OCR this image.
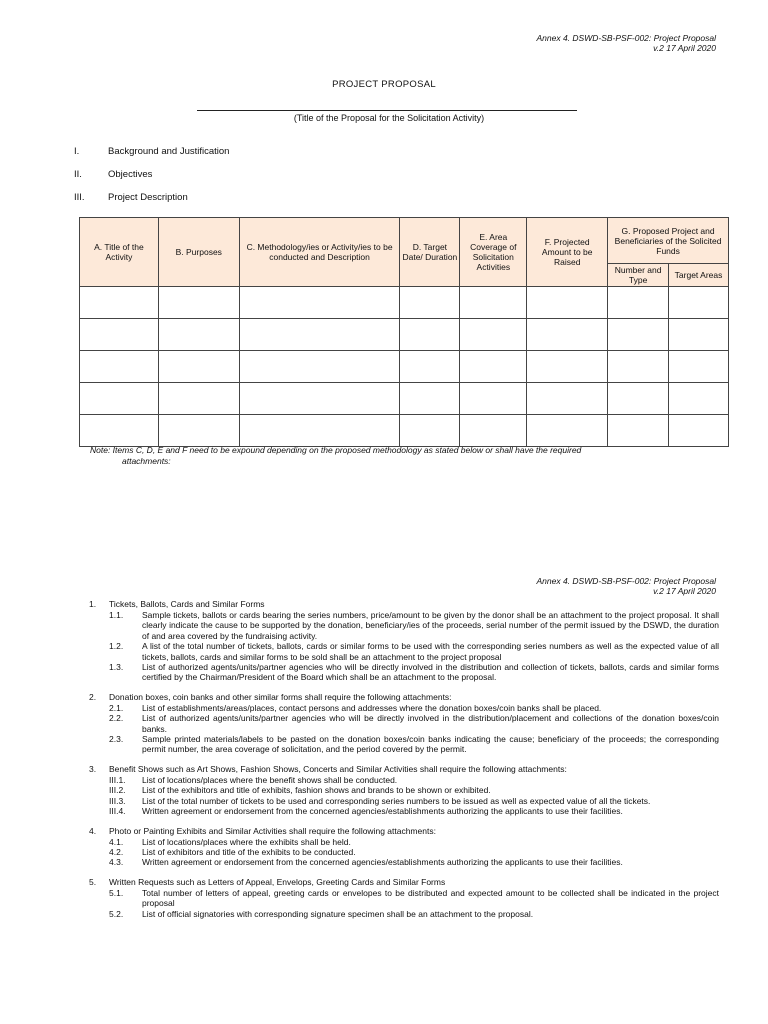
Annex 4. DSWD-SB-PSF-002: Project Proposal
v.2 17 April 2020
PROJECT PROPOSAL
(Title of the Proposal for the Solicitation Activity)
I.	Background and Justification
II.	Objectives
III.	Project Description
A. Title of the Activity	B. Purposes	C. Methodology/ies or Activity/ies to be conducted and Description	D. Target Date/ Duration	E. Area Coverage of Solicitation Activities	F. Projected Amount to be Raised	G. Proposed Project and Beneficiaries of the Solicited Funds	
						Number and Type	Target Areas

Note: Items C, D, E and F need to be expound depending on the proposed methodology as stated below or shall have the required
attachments:
Annex 4. DSWD-SB-PSF-002: Project Proposal
v.2 17 April 2020
1.	Tickets, Ballots, Cards and Similar Forms
1.1.	Sample tickets, ballots or cards bearing the series numbers, price/amount to be given by the donor shall be an attachment to the project proposal. It shall clearly indicate the cause to be supported by the donation, beneficiary/ies of the proceeds, serial number of the permit issued by the DSWD, the duration of and area covered by the fundraising activity.
1.2.	A list of the total number of tickets, ballots, cards or similar forms to be used with the corresponding series numbers as well as the expected value of all tickets, ballots, cards and similar forms to be sold shall be an attachment to the project proposal
1.3.	List of authorized agents/units/partner agencies who will be directly involved in the distribution and collection of tickets, ballots, cards and similar forms certified by the Chairman/President of the Board which shall be an attachment to the proposal.
2.	Donation boxes, coin banks and other similar forms shall require the following attachments:
2.1.	List of establishments/areas/places, contact persons and addresses where the donation boxes/coin banks shall be placed.
2.2.	List of authorized agents/units/partner agencies who will be directly involved in the distribution/placement and collections of the donation boxes/coin banks.
2.3.	Sample printed materials/labels to be pasted on the donation boxes/coin banks indicating the cause; beneficiary of the proceeds; the corresponding permit number, the area coverage of solicitation, and the period covered by the permit.
3.	Benefit Shows such as Art Shows, Fashion Shows, Concerts and Similar Activities shall require the following attachments:
III.1.	List of locations/places where the benefit shows shall be conducted.
III.2.	List of the exhibitors and title of exhibits, fashion shows and brands to be shown or exhibited.
III.3.	List of the total number of tickets to be used and corresponding series numbers to be issued as well as expected value of all the tickets.
III.4.	Written agreement or endorsement from the concerned agencies/establishments authorizing the applicants to use their facilities.
4.	Photo or Painting Exhibits and Similar Activities shall require the following attachments:
4.1.	List of locations/places where the exhibits shall be held.
4.2.	List of exhibitors and title of the exhibits to be conducted.
4.3.	Written agreement or endorsement from the concerned agencies/establishments authorizing the applicants to use their facilities.
5.	Written Requests such as Letters of Appeal, Envelops, Greeting Cards and Similar Forms
5.1.	Total number of letters of appeal, greeting cards or envelopes to be distributed and expected amount to be collected shall be indicated in the project proposal
5.2.	List of official signatories with corresponding signature specimen shall be an attachment to the proposal.
